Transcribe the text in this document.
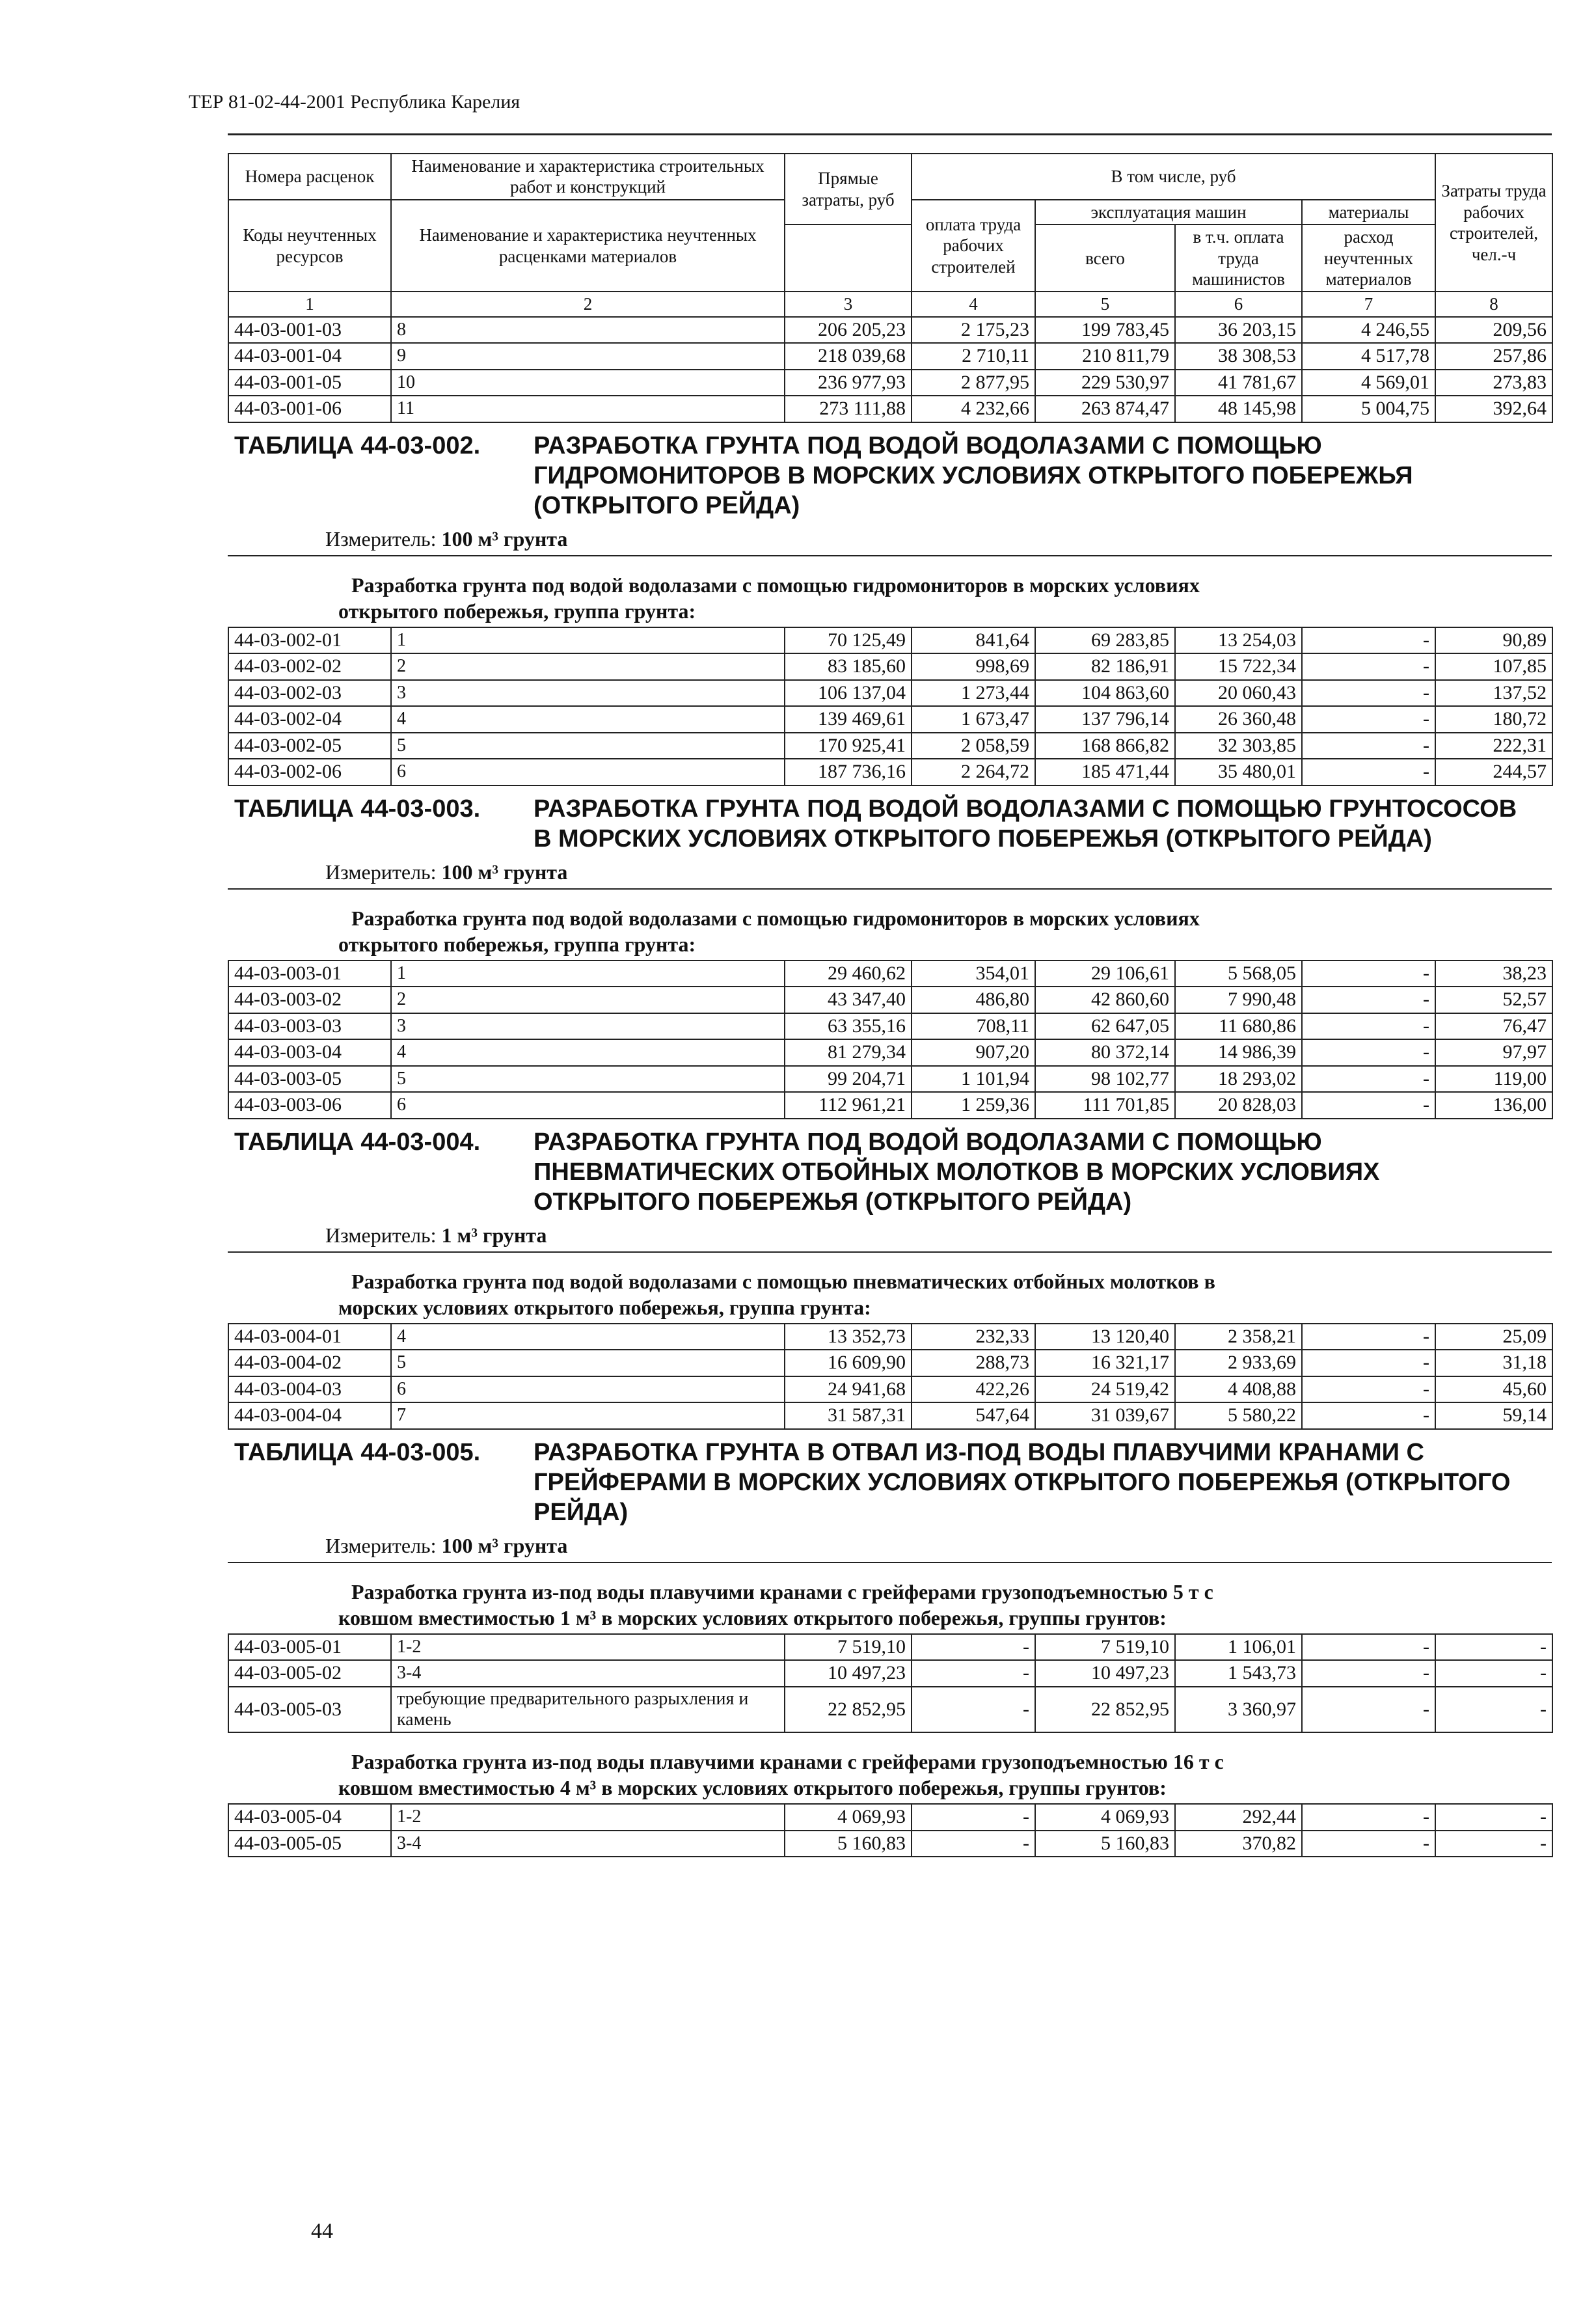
ТЕР 81-02-44-2001 Республика Карелия
Номера расценок	Наименование и характеристика строительных работ и конструкций	Прямые затраты, руб	В том числе, руб				Затраты труда рабочих строителей, чел.-ч
Коды неучтенных ресурсов	Наименование и характеристика неучтенных расценками материалов		оплата труда рабочих строителей	эксплуатация машин		материалы	
				всего	в т.ч. оплата труда машинистов	расход неучтенных материалов	

1	2	3	4	5	6	7	8
44-03-001-03	8	206 205,23	2 175,23	199 783,45	36 203,15	4 246,55	209,56
44-03-001-04	9	218 039,68	2 710,11	210 811,79	38 308,53	4 517,78	257,86
44-03-001-05	10	236 977,93	2 877,95	229 530,97	41 781,67	4 569,01	273,83
44-03-001-06	11	273 111,88	4 232,66	263 874,47	48 145,98	5 004,75	392,64
ТАБЛИЦА 44-03-002. РАЗРАБОТКА ГРУНТА ПОД ВОДОЙ ВОДОЛАЗАМИ С ПОМОЩЬЮ ГИДРОМОНИТОРОВ В МОРСКИХ УСЛОВИЯХ ОТКРЫТОГО ПОБЕРЕЖЬЯ (ОТКРЫТОГО РЕЙДА)
Измеритель: 100 м³ грунта
Разработка грунта под водой водолазами с помощью гидромониторов в морских условиях
открытого побережья, группа грунта:
44-03-002-01	1	70 125,49	841,64	69 283,85	13 254,03	-	90,89
44-03-002-02	2	83 185,60	998,69	82 186,91	15 722,34	-	107,85
44-03-002-03	3	106 137,04	1 273,44	104 863,60	20 060,43	-	137,52
44-03-002-04	4	139 469,61	1 673,47	137 796,14	26 360,48	-	180,72
44-03-002-05	5	170 925,41	2 058,59	168 866,82	32 303,85	-	222,31
44-03-002-06	6	187 736,16	2 264,72	185 471,44	35 480,01	-	244,57
ТАБЛИЦА 44-03-003. РАЗРАБОТКА ГРУНТА ПОД ВОДОЙ ВОДОЛАЗАМИ С ПОМОЩЬЮ ГРУНТОСОСОВ В МОРСКИХ УСЛОВИЯХ ОТКРЫТОГО ПОБЕРЕЖЬЯ (ОТКРЫТОГО РЕЙДА)
Измеритель: 100 м³ грунта
Разработка грунта под водой водолазами с помощью гидромониторов в морских условиях
открытого побережья, группа грунта:
44-03-003-01	1	29 460,62	354,01	29 106,61	5 568,05	-	38,23
44-03-003-02	2	43 347,40	486,80	42 860,60	7 990,48	-	52,57
44-03-003-03	3	63 355,16	708,11	62 647,05	11 680,86	-	76,47
44-03-003-04	4	81 279,34	907,20	80 372,14	14 986,39	-	97,97
44-03-003-05	5	99 204,71	1 101,94	98 102,77	18 293,02	-	119,00
44-03-003-06	6	112 961,21	1 259,36	111 701,85	20 828,03	-	136,00
ТАБЛИЦА 44-03-004. РАЗРАБОТКА ГРУНТА ПОД ВОДОЙ ВОДОЛАЗАМИ С ПОМОЩЬЮ ПНЕВМАТИЧЕСКИХ ОТБОЙНЫХ МОЛОТКОВ В МОРСКИХ УСЛОВИЯХ ОТКРЫТОГО ПОБЕРЕЖЬЯ (ОТКРЫТОГО РЕЙДА)
Измеритель: 1 м³ грунта
Разработка грунта под водой водолазами с помощью пневматических отбойных молотков в
морских условиях открытого побережья, группа грунта:
44-03-004-01	4	13 352,73	232,33	13 120,40	2 358,21	-	25,09
44-03-004-02	5	16 609,90	288,73	16 321,17	2 933,69	-	31,18
44-03-004-03	6	24 941,68	422,26	24 519,42	4 408,88	-	45,60
44-03-004-04	7	31 587,31	547,64	31 039,67	5 580,22	-	59,14
ТАБЛИЦА 44-03-005. РАЗРАБОТКА ГРУНТА В ОТВАЛ ИЗ-ПОД ВОДЫ ПЛАВУЧИМИ КРАНАМИ С ГРЕЙФЕРАМИ В МОРСКИХ УСЛОВИЯХ ОТКРЫТОГО ПОБЕРЕЖЬЯ (ОТКРЫТОГО РЕЙДА)
Измеритель: 100 м³ грунта
Разработка грунта из-под воды плавучими кранами с грейферами грузоподъемностью 5 т с
ковшом вместимостью 1 м³ в морских условиях открытого побережья, группы грунтов:
44-03-005-01	1-2	7 519,10	-	7 519,10	1 106,01	-	-
44-03-005-02	3-4	10 497,23	-	10 497,23	1 543,73	-	-
44-03-005-03	требующие предварительного разрыхления и камень	22 852,95	-	22 852,95	3 360,97	-	-
Разработка грунта из-под воды плавучими кранами с грейферами грузоподъемностью 16 т с
ковшом вместимостью 4 м³ в морских условиях открытого побережья, группы грунтов:
44-03-005-04	1-2	4 069,93	-	4 069,93	292,44	-	-
44-03-005-05	3-4	5 160,83	-	5 160,83	370,82	-	-
44
